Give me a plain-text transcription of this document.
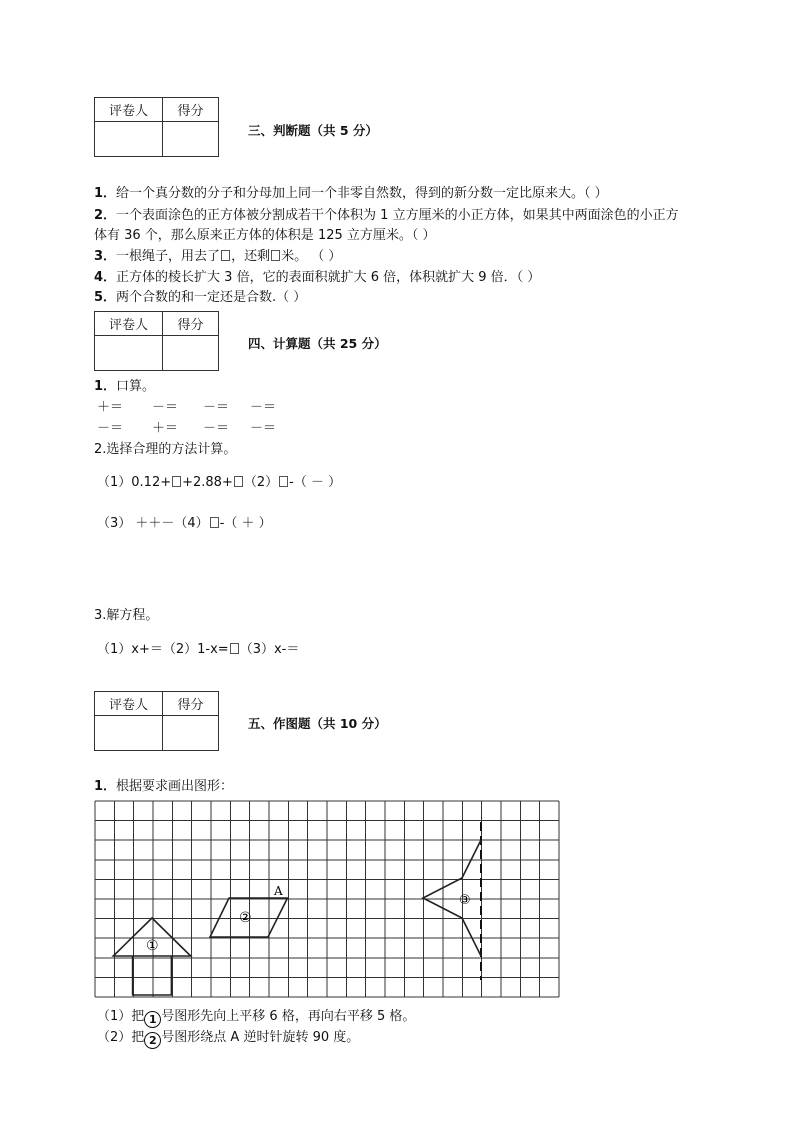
评卷人	得分

三、判断题（共 5 分）
1．给一个真分数的分子和分母加上同一个非零自然数，得到的新分数一定比原来大。（ ）
2．一个表面涂色的正方体被分割成若干个体积为 1 立方厘米的小正方体，如果其中两面涂色的小正方
体有 36 个，那么原来正方体的体积是 125 立方厘米。（ ）
3．一根绳子，用去了 ，还剩 米。 （ ）
4．正方体的棱长扩大 3 倍，它的表面积就扩大 6 倍，体积就扩大 9 倍．（ ）
5．两个合数的和一定还是合数.（ ）
评卷人	得分

四、计算题（共 25 分）
1．口算。
＋＝ －＝ －＝ －＝
－＝ ＋＝ －＝ －＝
2.选择合理的方法计算。
（1）0.12+ +2.88+ （2） -（ － ）
（3） ＋＋－（4） -（ ＋ ）
3.解方程。
（1）x+＝（2）1-x= （3）x-＝
评卷人	得分

五、作图题（共 10 分）
1．根据要求画出图形：
①
②
A
③
（1）把 1 号图形先向上平移 6 格，再向右平移 5 格。
（2）把 2 号图形绕点 A 逆时针旋转 90 度。
